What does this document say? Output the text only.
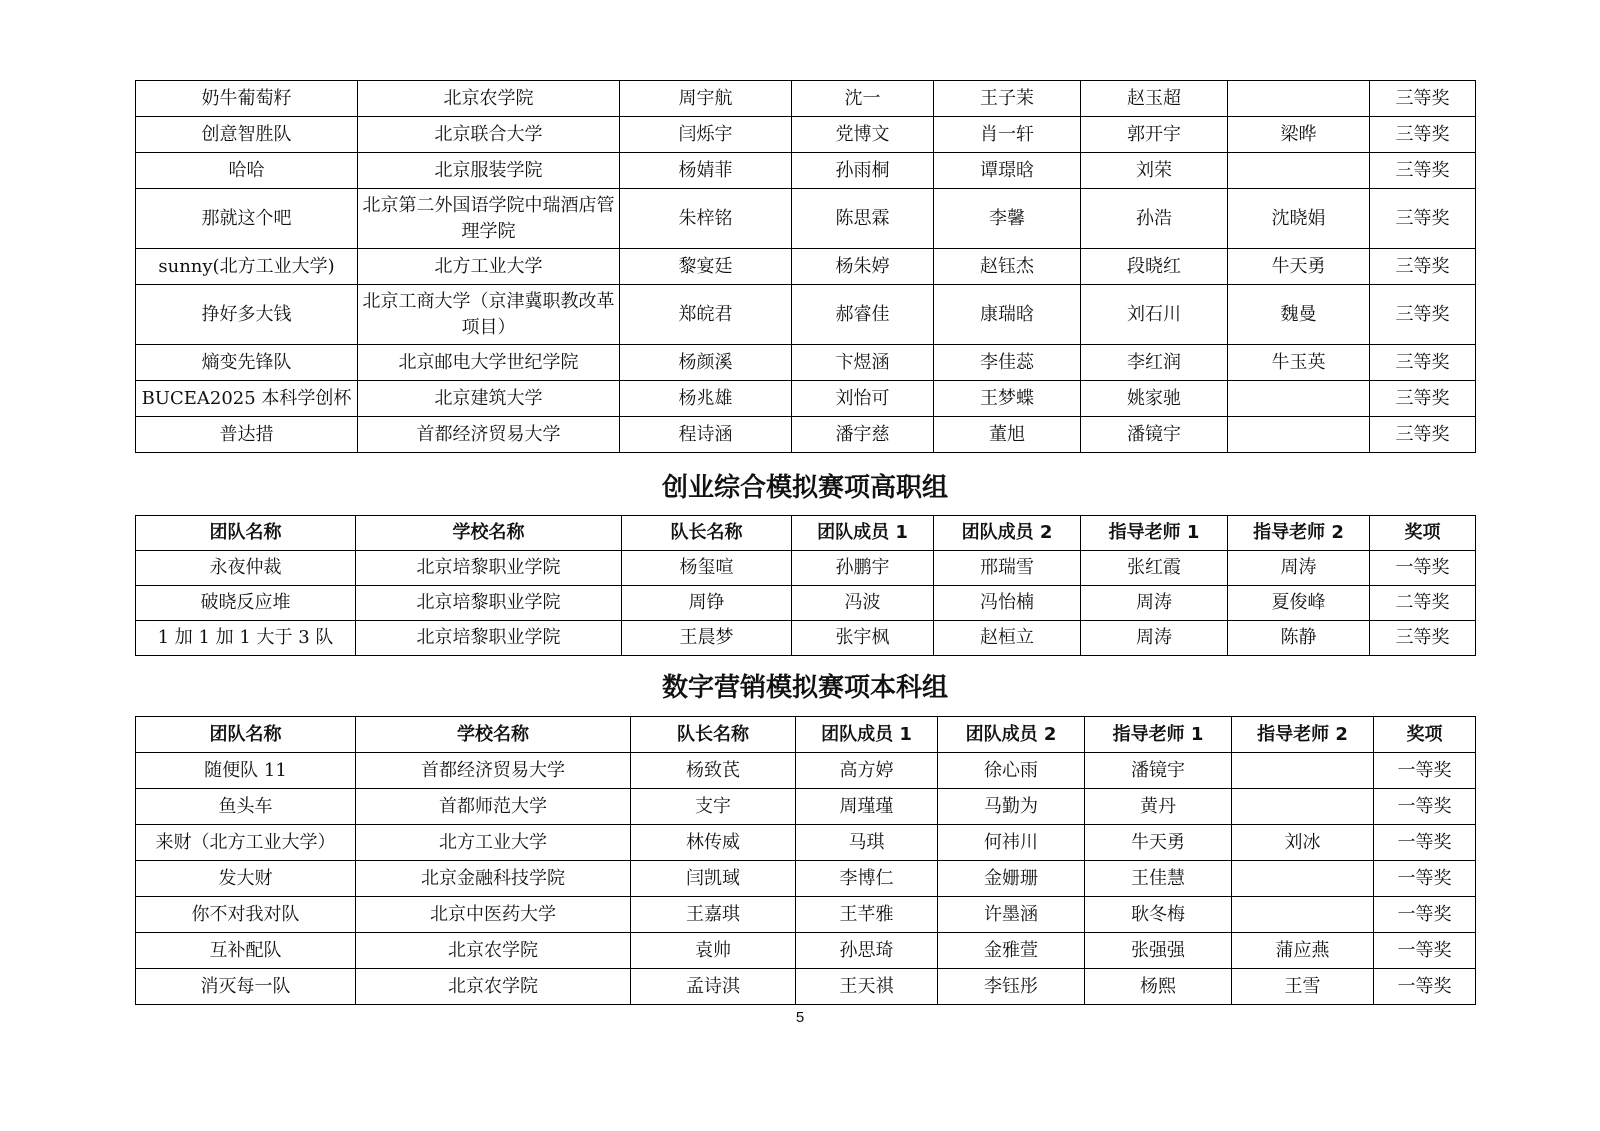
奶牛葡萄籽	北京农学院	周宇航	沈一	王子茉	赵玉超		三等奖
创意智胜队	北京联合大学	闫烁宇	党博文	肖一轩	郭开宇	梁晔	三等奖
哈哈	北京服装学院	杨婧菲	孙雨桐	谭璟晗	刘荣		三等奖
那就这个吧	北京第二外国语学院中瑞酒店管理学院	朱梓铭	陈思霖	李馨	孙浩	沈晓娟	三等奖
sunny(北方工业大学)	北方工业大学	黎宴廷	杨朱婷	赵钰杰	段晓红	牛天勇	三等奖
挣好多大钱	北京工商大学（京津冀职教改革项目）	郑皖君	郝睿佳	康瑞晗	刘石川	魏曼	三等奖
熵变先锋队	北京邮电大学世纪学院	杨颜溪	卞煜涵	李佳蕊	李红润	牛玉英	三等奖
BUCEA2025 本科学创杯	北京建筑大学	杨兆雄	刘怡可	王梦蝶	姚家驰		三等奖
普达措	首都经济贸易大学	程诗涵	潘宇慈	董旭	潘镜宇		三等奖
创业综合模拟赛项高职组
团队名称	学校名称	队长名称	团队成员 1	团队成员 2	指导老师 1	指导老师 2	奖项
永夜仲裁	北京培黎职业学院	杨玺喧	孙鹏宇	邢瑞雪	张红霞	周涛	一等奖
破晓反应堆	北京培黎职业学院	周铮	冯波	冯怡楠	周涛	夏俊峰	二等奖
1 加 1 加 1 大于 3 队	北京培黎职业学院	王晨梦	张宇枫	赵桓立	周涛	陈静	三等奖
数字营销模拟赛项本科组
团队名称	学校名称	队长名称	团队成员 1	团队成员 2	指导老师 1	指导老师 2	奖项
随便队 11	首都经济贸易大学	杨致芪	高方婷	徐心雨	潘镜宇		一等奖
鱼头车	首都师范大学	支宇	周瑾瑾	马勤为	黄丹		一等奖
来财（北方工业大学）	北方工业大学	林传威	马琪	何祎川	牛天勇	刘冰	一等奖
发大财	北京金融科技学院	闫凯琙	李博仁	金姗珊	王佳慧		一等奖
你不对我对队	北京中医药大学	王嘉琪	王芊雅	许墨涵	耿冬梅		一等奖
互补配队	北京农学院	袁帅	孙思琦	金雅萱	张强强	蒲应燕	一等奖
消灭每一队	北京农学院	孟诗淇	王天祺	李钰彤	杨熙	王雪	一等奖
5
